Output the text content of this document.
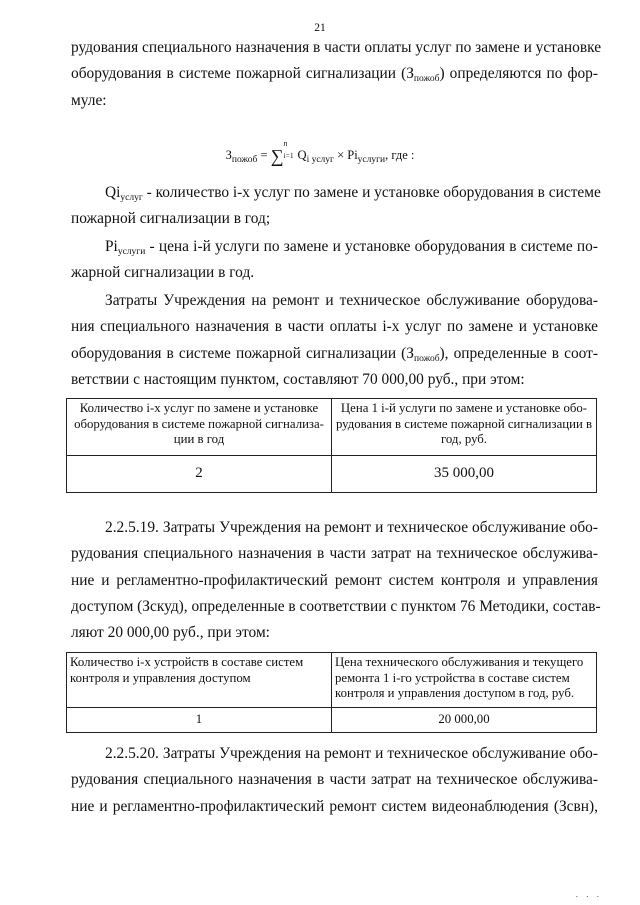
21
рудования специального назначения в части оплаты услуг по замене и установке
оборудования в системе пожарной сигнализации $(З_{пожоб})$ определяются по фор-
муле:
$З_{пожоб}$ = ∑
n
i=1 $Q_{i услуг} \times Pi_{услуги}$, где :
$Qi_{услуг}$ - количество i-х услуг по замене и установке оборудования в системе
пожарной сигнализации в год;
$Pi_{услуги}$ - цена i-й услуги по замене и установке оборудования в системе по-
жарной сигнализации в год.
Затраты Учреждения на ремонт и техническое обслуживание оборудова-
ния специального назначения в части оплаты i-х услуг по замене и установке
оборудования в системе пожарной сигнализации $(З_{пожоб})$, определенные в соот-
ветствии с настоящим пунктом, составляют 70 000,00 руб., при этом:
Количество i-х услуг по замене и установке оборудования в системе пожарной сигнализа-ции в год	Цена 1 i-й услуги по замене и установке обо-рудования в системе пожарной сигнализации в год, руб.
2	35 000,00
2.2.5.19. Затраты Учреждения на ремонт и техническое обслуживание обо-
рудования специального назначения в части затрат на техническое обслужива-
ние и регламентно-профилактический ремонт систем контроля и управления
доступом (Зскуд), определенные в соответствии с пунктом 76 Методики, состав-
ляют 20 000,00 руб., при этом:
Количество i-х устройств в составе систем контроля и управления доступом	Цена технического обслуживания и текущего ремонта 1 i-го устройства в составе систем контроля и управления доступом в год, руб.
1	20 000,00
2.2.5.20. Затраты Учреждения на ремонт и техническое обслуживание обо-
рудования специального назначения в части затрат на техническое обслужива-
ние и регламентно-профилактический ремонт систем видеонаблюдения (Зсвн),
. . .
